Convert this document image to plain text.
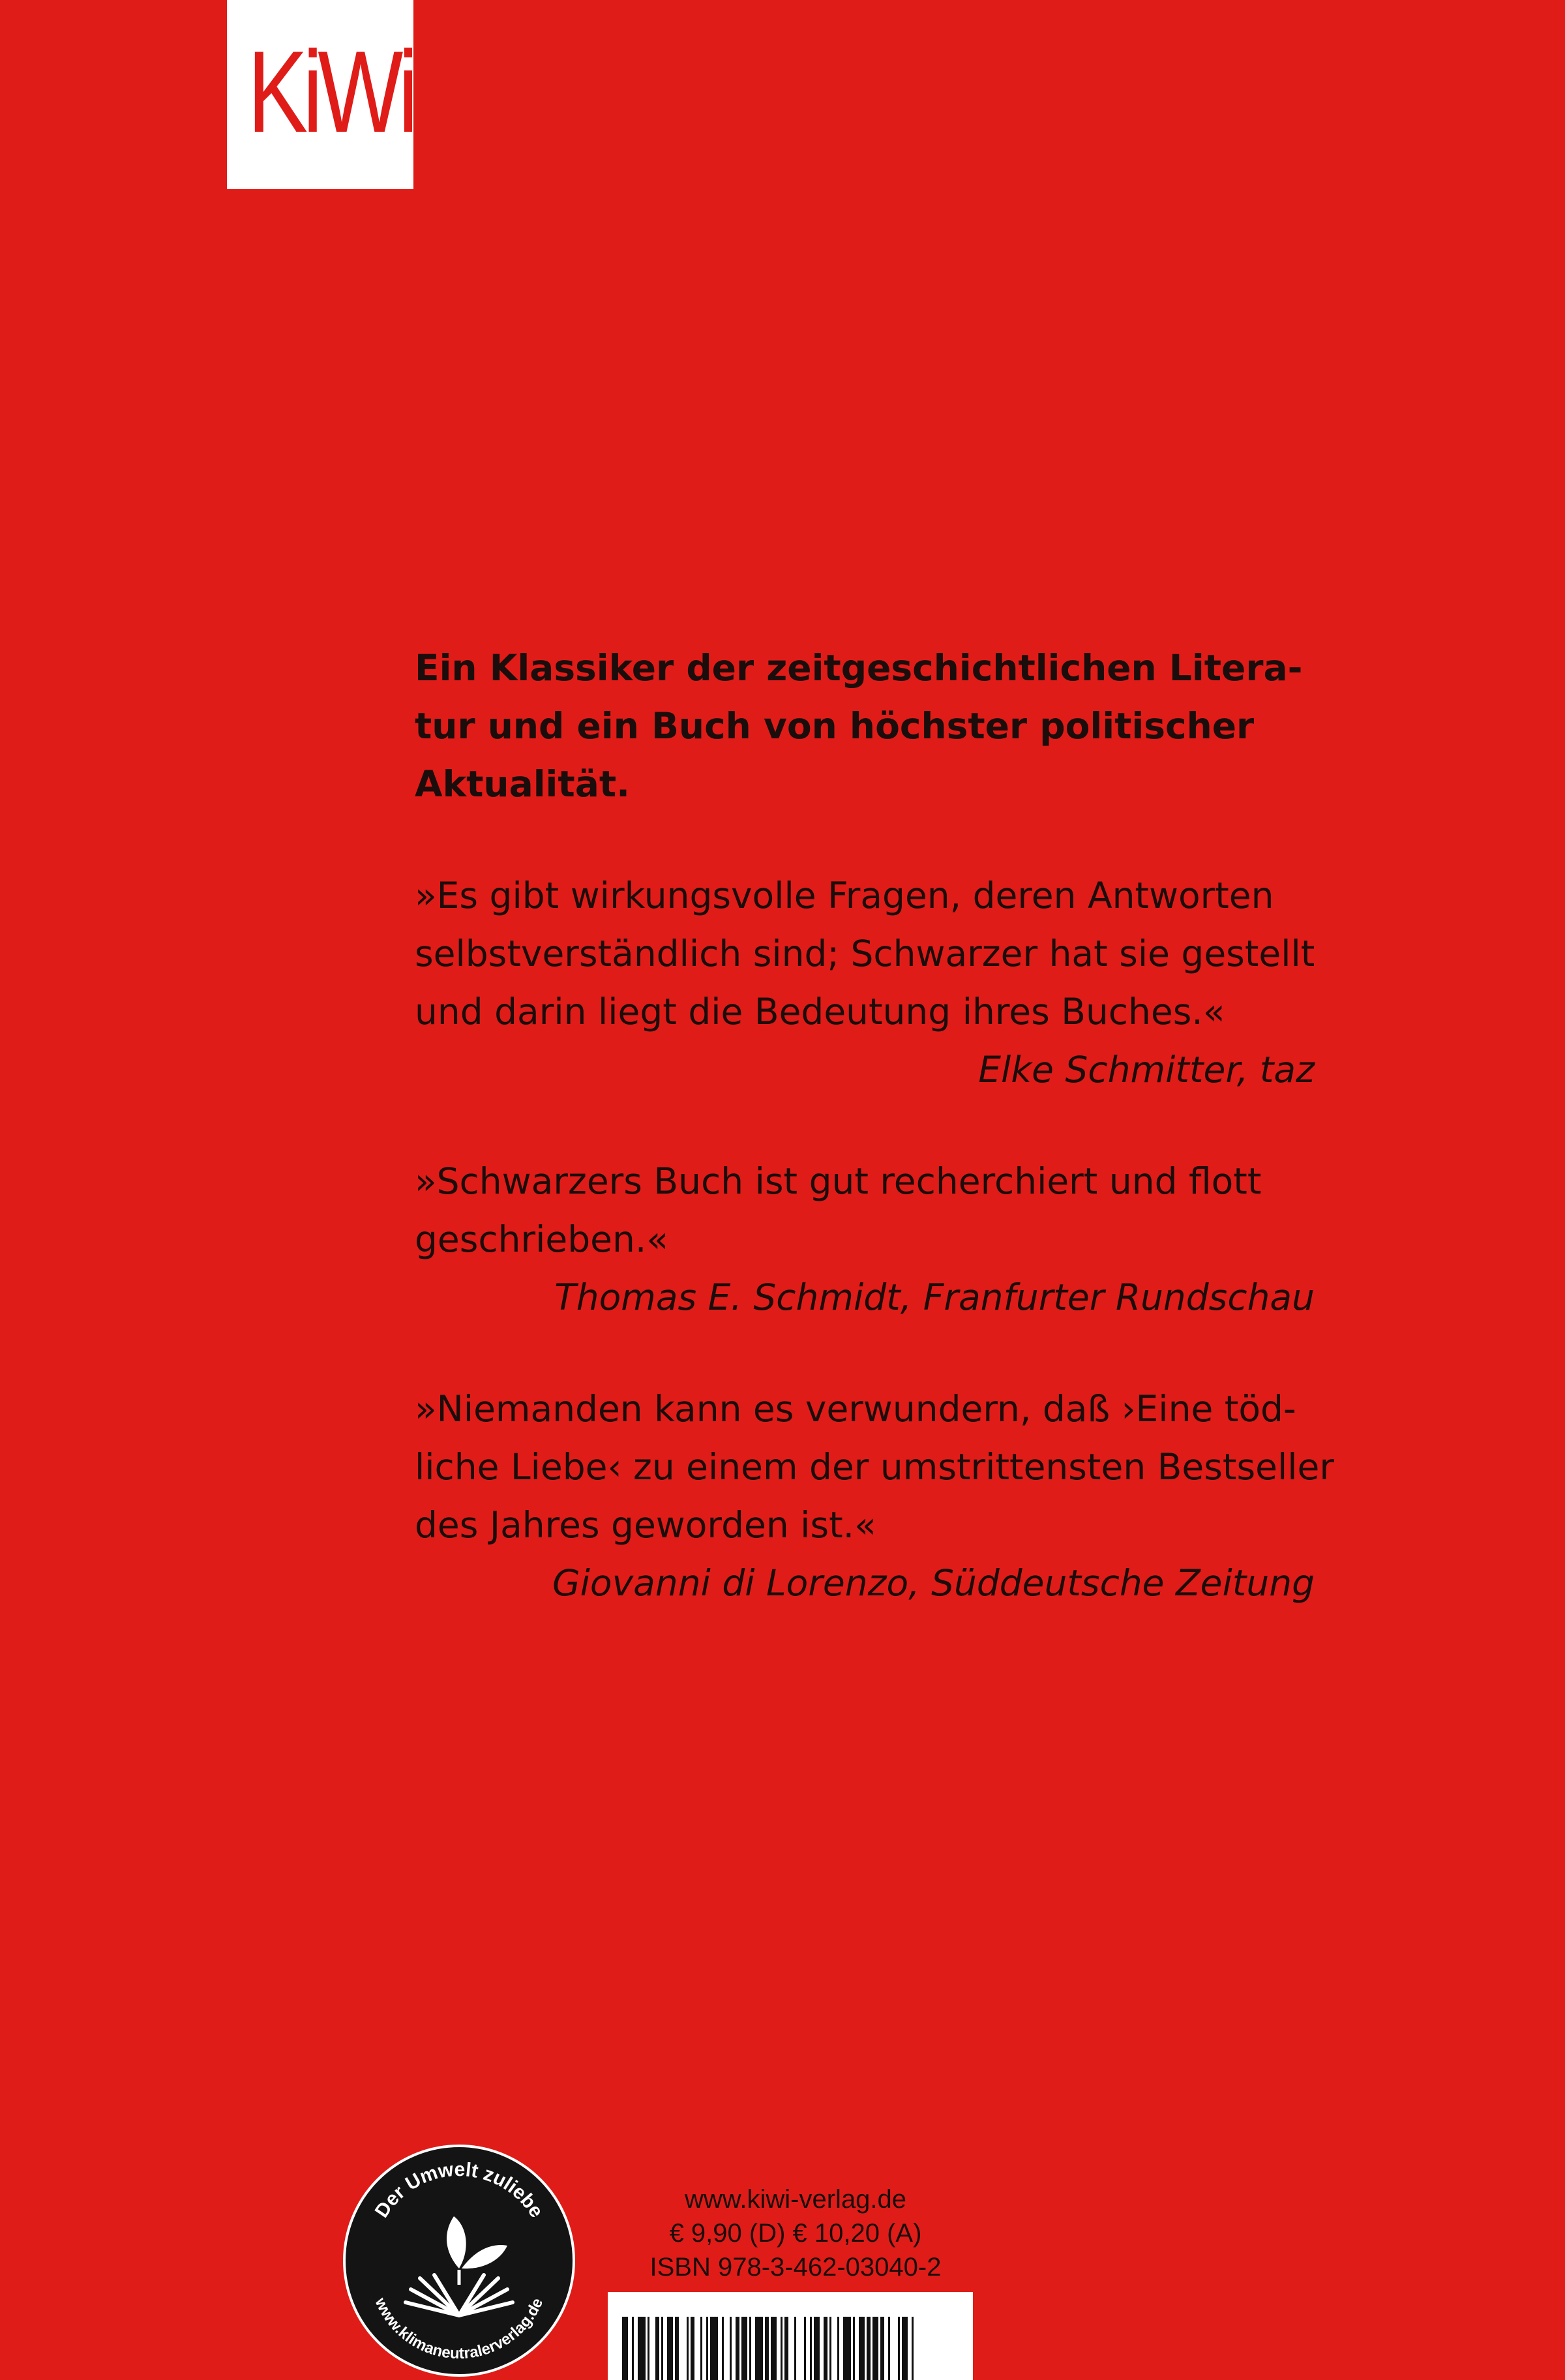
KiWi

Ein Klassiker der zeitgeschichtlichen Litera-
tur und ein Buch von höchster politischer
Aktualität.

»Es gibt wirkungsvolle Fragen, deren Antworten
selbstverständlich sind; Schwarzer hat sie gestellt
und darin liegt die Bedeutung ihres Buches.«
Elke Schmitter, taz

»Schwarzers Buch ist gut recherchiert und flott
geschrieben.«
Thomas E. Schmidt, Franfurter Rundschau

»Niemanden kann es verwundern, daß ›Eine töd-
liche Liebe‹ zu einem der umstrittensten Bestseller
des Jahres geworden ist.«
Giovanni di Lorenzo, Süddeutsche Zeitung

Der Umwelt zuliebe
www.klimaneutralerverlag.de
www.kiwi-verlag.de
€ 9,90 (D) € 10,20 (A)
ISBN 978-3-462-03040-2
